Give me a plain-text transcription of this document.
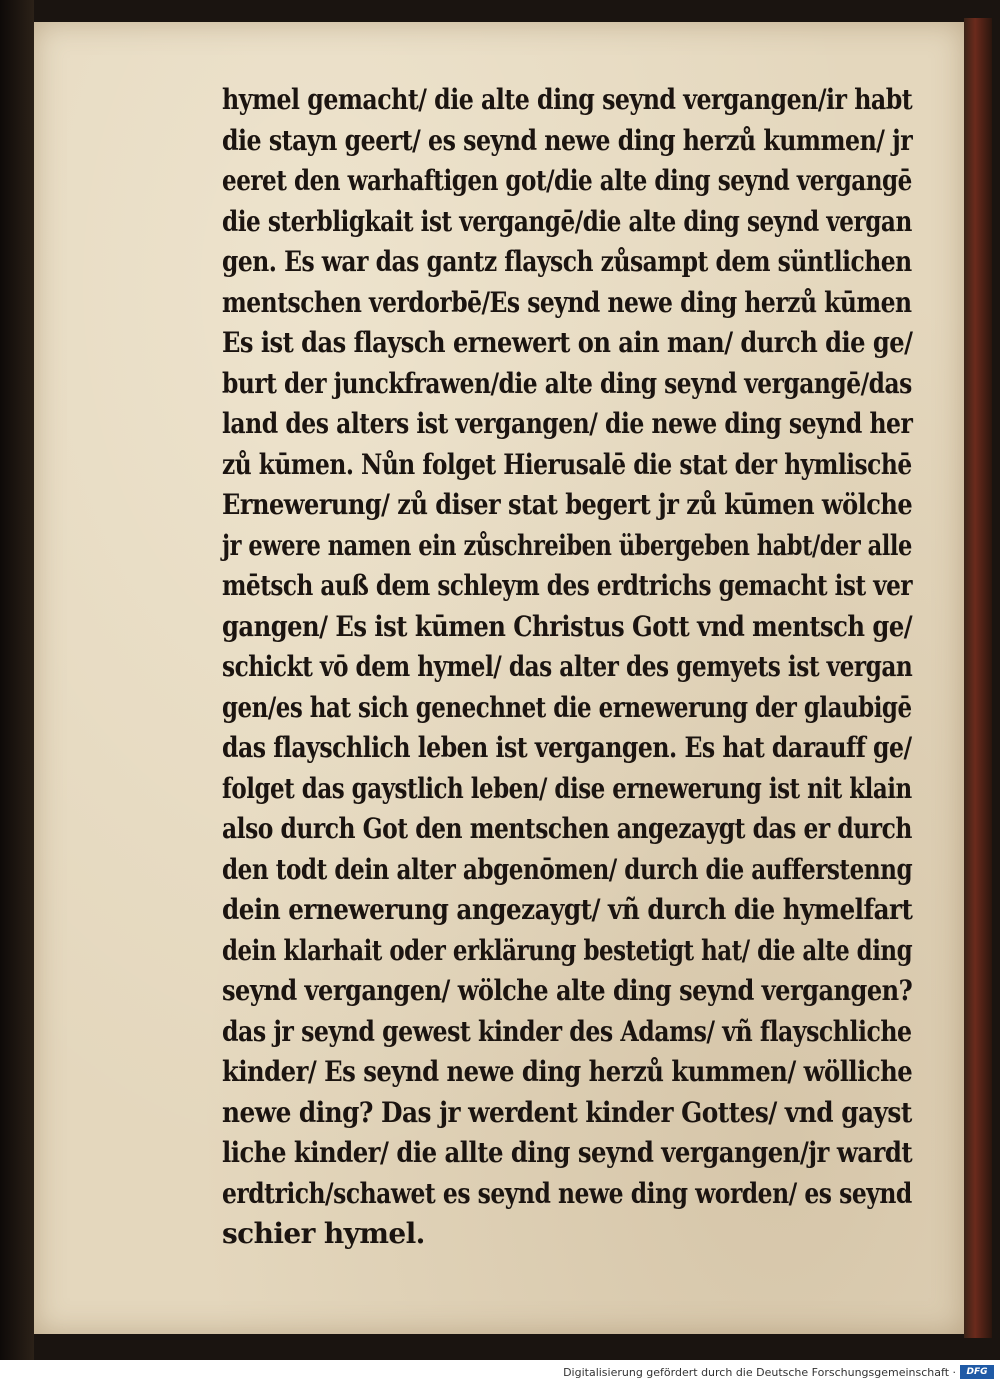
hymel gemacht/ die alte ding seynd vergangen/ir habt
die stayn geert/ es seynd newe ding herzů kummen/ jr
eeret den warhaftigen got/die alte ding seynd vergangē
die sterbligkait ist vergangē/die alte ding seynd vergan
gen. Es war das gantz flaysch zůsampt dem süntlichen
mentschen verdorbē/Es seynd newe ding herzů kūmen
Es ist das flaysch ernewert on ain man/ durch die ge/
burt der junckfrawen/die alte ding seynd vergangē/das
land des alters ist vergangen/ die newe ding seynd her
zů kūmen. Nůn folget Hierusalē die stat der hymlischē
Ernewerung/ zů diser stat begert jr zů kūmen wölche
jr ewere namen ein zůschreiben übergeben habt/der alle
mētsch auß dem schleym des erdtrichs gemacht ist ver
gangen/ Es ist kūmen Christus Gott vnd mentsch ge/
schickt vō dem hymel/ das alter des gemyets ist vergan
gen/es hat sich genechnet die ernewerung der glaubigē
das flayschlich leben ist vergangen. Es hat darauff ge/
folget das gaystlich leben/ dise ernewerung ist nit klain
also durch Got den mentschen angezaygt das er durch
den todt dein alter abgenōmen/ durch die aufferstenng
dein ernewerung angezaygt/ vñ durch die hymelfart
dein klarhait oder erklärung bestetigt hat/ die alte ding
seynd vergangen/ wölche alte ding seynd vergangen?
das jr seynd gewest kinder des Adams/ vñ flayschliche
kinder/ Es seynd newe ding herzů kummen/ wölliche
newe ding? Das jr werdent kinder Gottes/ vnd gayst
liche kinder/ die allte ding seynd vergangen/jr wardt
erdtrich/schawet es seynd newe ding worden/ es seynd
schier hymel.
Digitalisierung gefördert durch die Deutsche Forschungsgemeinschaft ·	DFG
